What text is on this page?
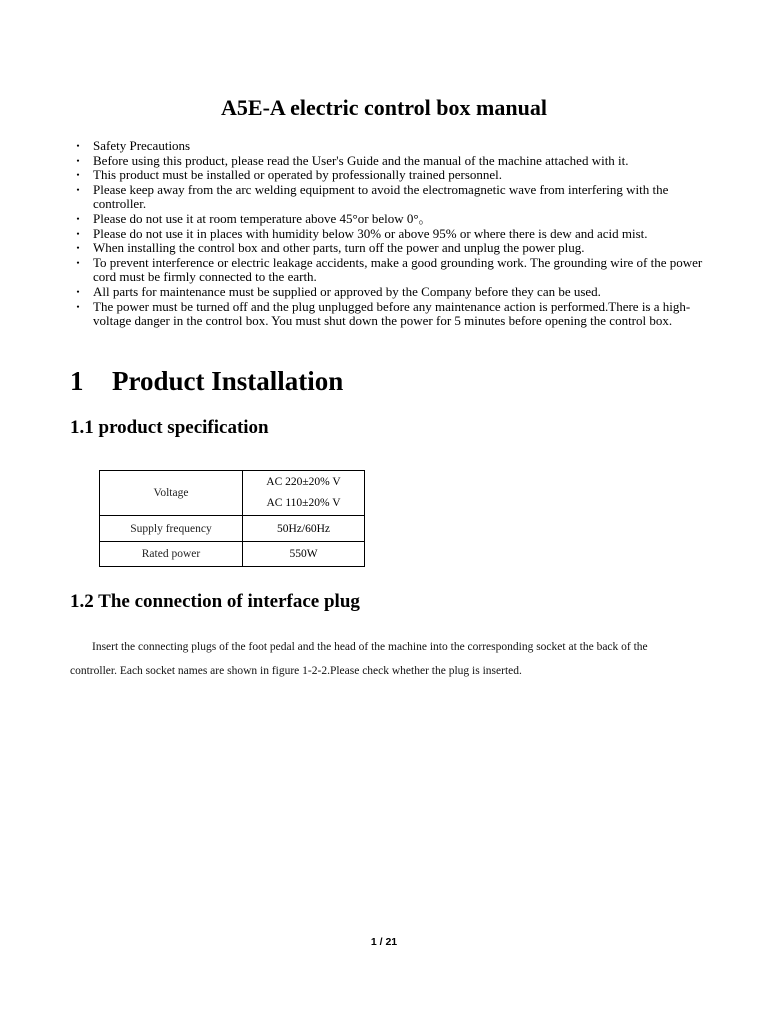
A5E-A electric control box manual
・ Safety Precautions
・ Before using this product, please read the User's Guide and the manual of the machine attached with it.
・ This product must be installed or operated by professionally trained personnel.
・ Please keep away from the arc welding equipment to avoid the electromagnetic wave from interfering with the controller.
・ Please do not use it at room temperature above 45°or below 0°。
・ Please do not use it in places with humidity below 30% or above 95% or where there is dew and acid mist.
・ When installing the control box and other parts, turn off the power and unplug the power plug.
・ To prevent interference or electric leakage accidents, make a good grounding work. The grounding wire of the power cord must be firmly connected to the earth.
・ All parts for maintenance must be supplied or approved by the Company before they can be used.
・ The power must be turned off and the plug unplugged before any maintenance action is performed.There is a high-voltage danger in the control box. You must shut down the power for 5 minutes before opening the control box.
1 Product Installation
1.1 product specification
Voltage	AC 220±20% V
AC 110±20% V

Supply frequency	50Hz/60Hz
Rated power	550W
1.2 The connection of interface plug
Insert the connecting plugs of the foot pedal and the head of the machine into the corresponding socket at the back of the
controller. Each socket names are shown in figure 1-2-2.Please check whether the plug is inserted.
1 / 21
